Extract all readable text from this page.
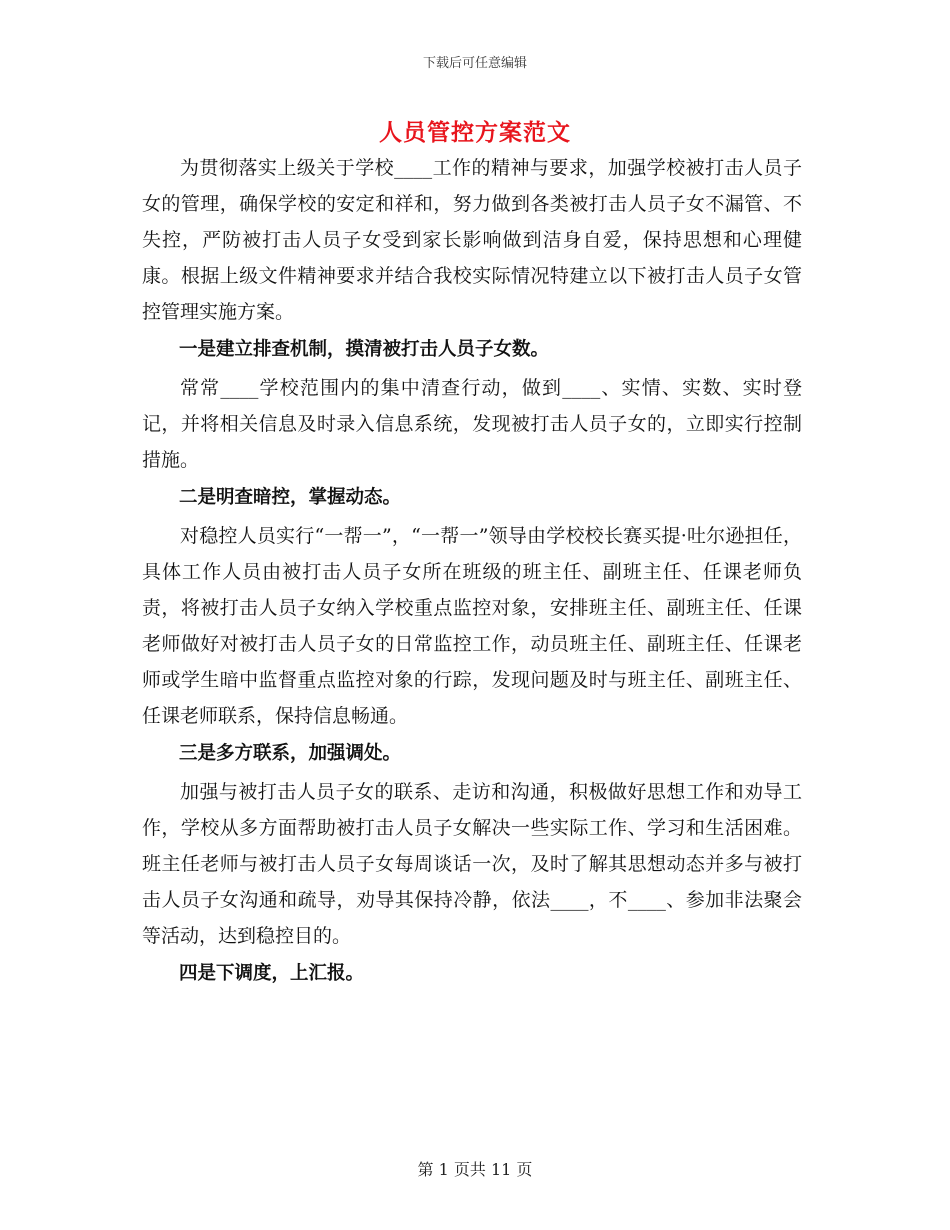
下载后可任意编辑
人员管控方案范文

为贯彻落实上级关于学校____工作的精神与要求，加强学校被打击人员子女的管理，确保学校的安定和祥和，努力做到各类被打击人员子女不漏管、不失控，严防被打击人员子女受到家长影响做到洁身自爱，保持思想和心理健康。根据上级文件精神要求并结合我校实际情况特建立以下被打击人员子女管控管理实施方案。

一是建立排查机制，摸清被打击人员子女数。

常常____学校范围内的集中清查行动，做到____、实情、实数、实时登记，并将相关信息及时录入信息系统，发现被打击人员子女的，立即实行控制措施。

二是明查暗控，掌握动态。

对稳控人员实行“一帮一”，“一帮一”领导由学校校长赛买提·吐尔逊担任，具体工作人员由被打击人员子女所在班级的班主任、副班主任、任课老师负责，将被打击人员子女纳入学校重点监控对象，安排班主任、副班主任、任课老师做好对被打击人员子女的日常监控工作，动员班主任、副班主任、任课老师或学生暗中监督重点监控对象的行踪，发现问题及时与班主任、副班主任、任课老师联系，保持信息畅通。

三是多方联系，加强调处。

加强与被打击人员子女的联系、走访和沟通，积极做好思想工作和劝导工作，学校从多方面帮助被打击人员子女解决一些实际工作、学习和生活困难。班主任老师与被打击人员子女每周谈话一次，及时了解其思想动态并多与被打击人员子女沟通和疏导，劝导其保持冷静，依法____，不____、参加非法聚会等活动，达到稳控目的。

四是下调度，上汇报。

第 1 页共 11 页
